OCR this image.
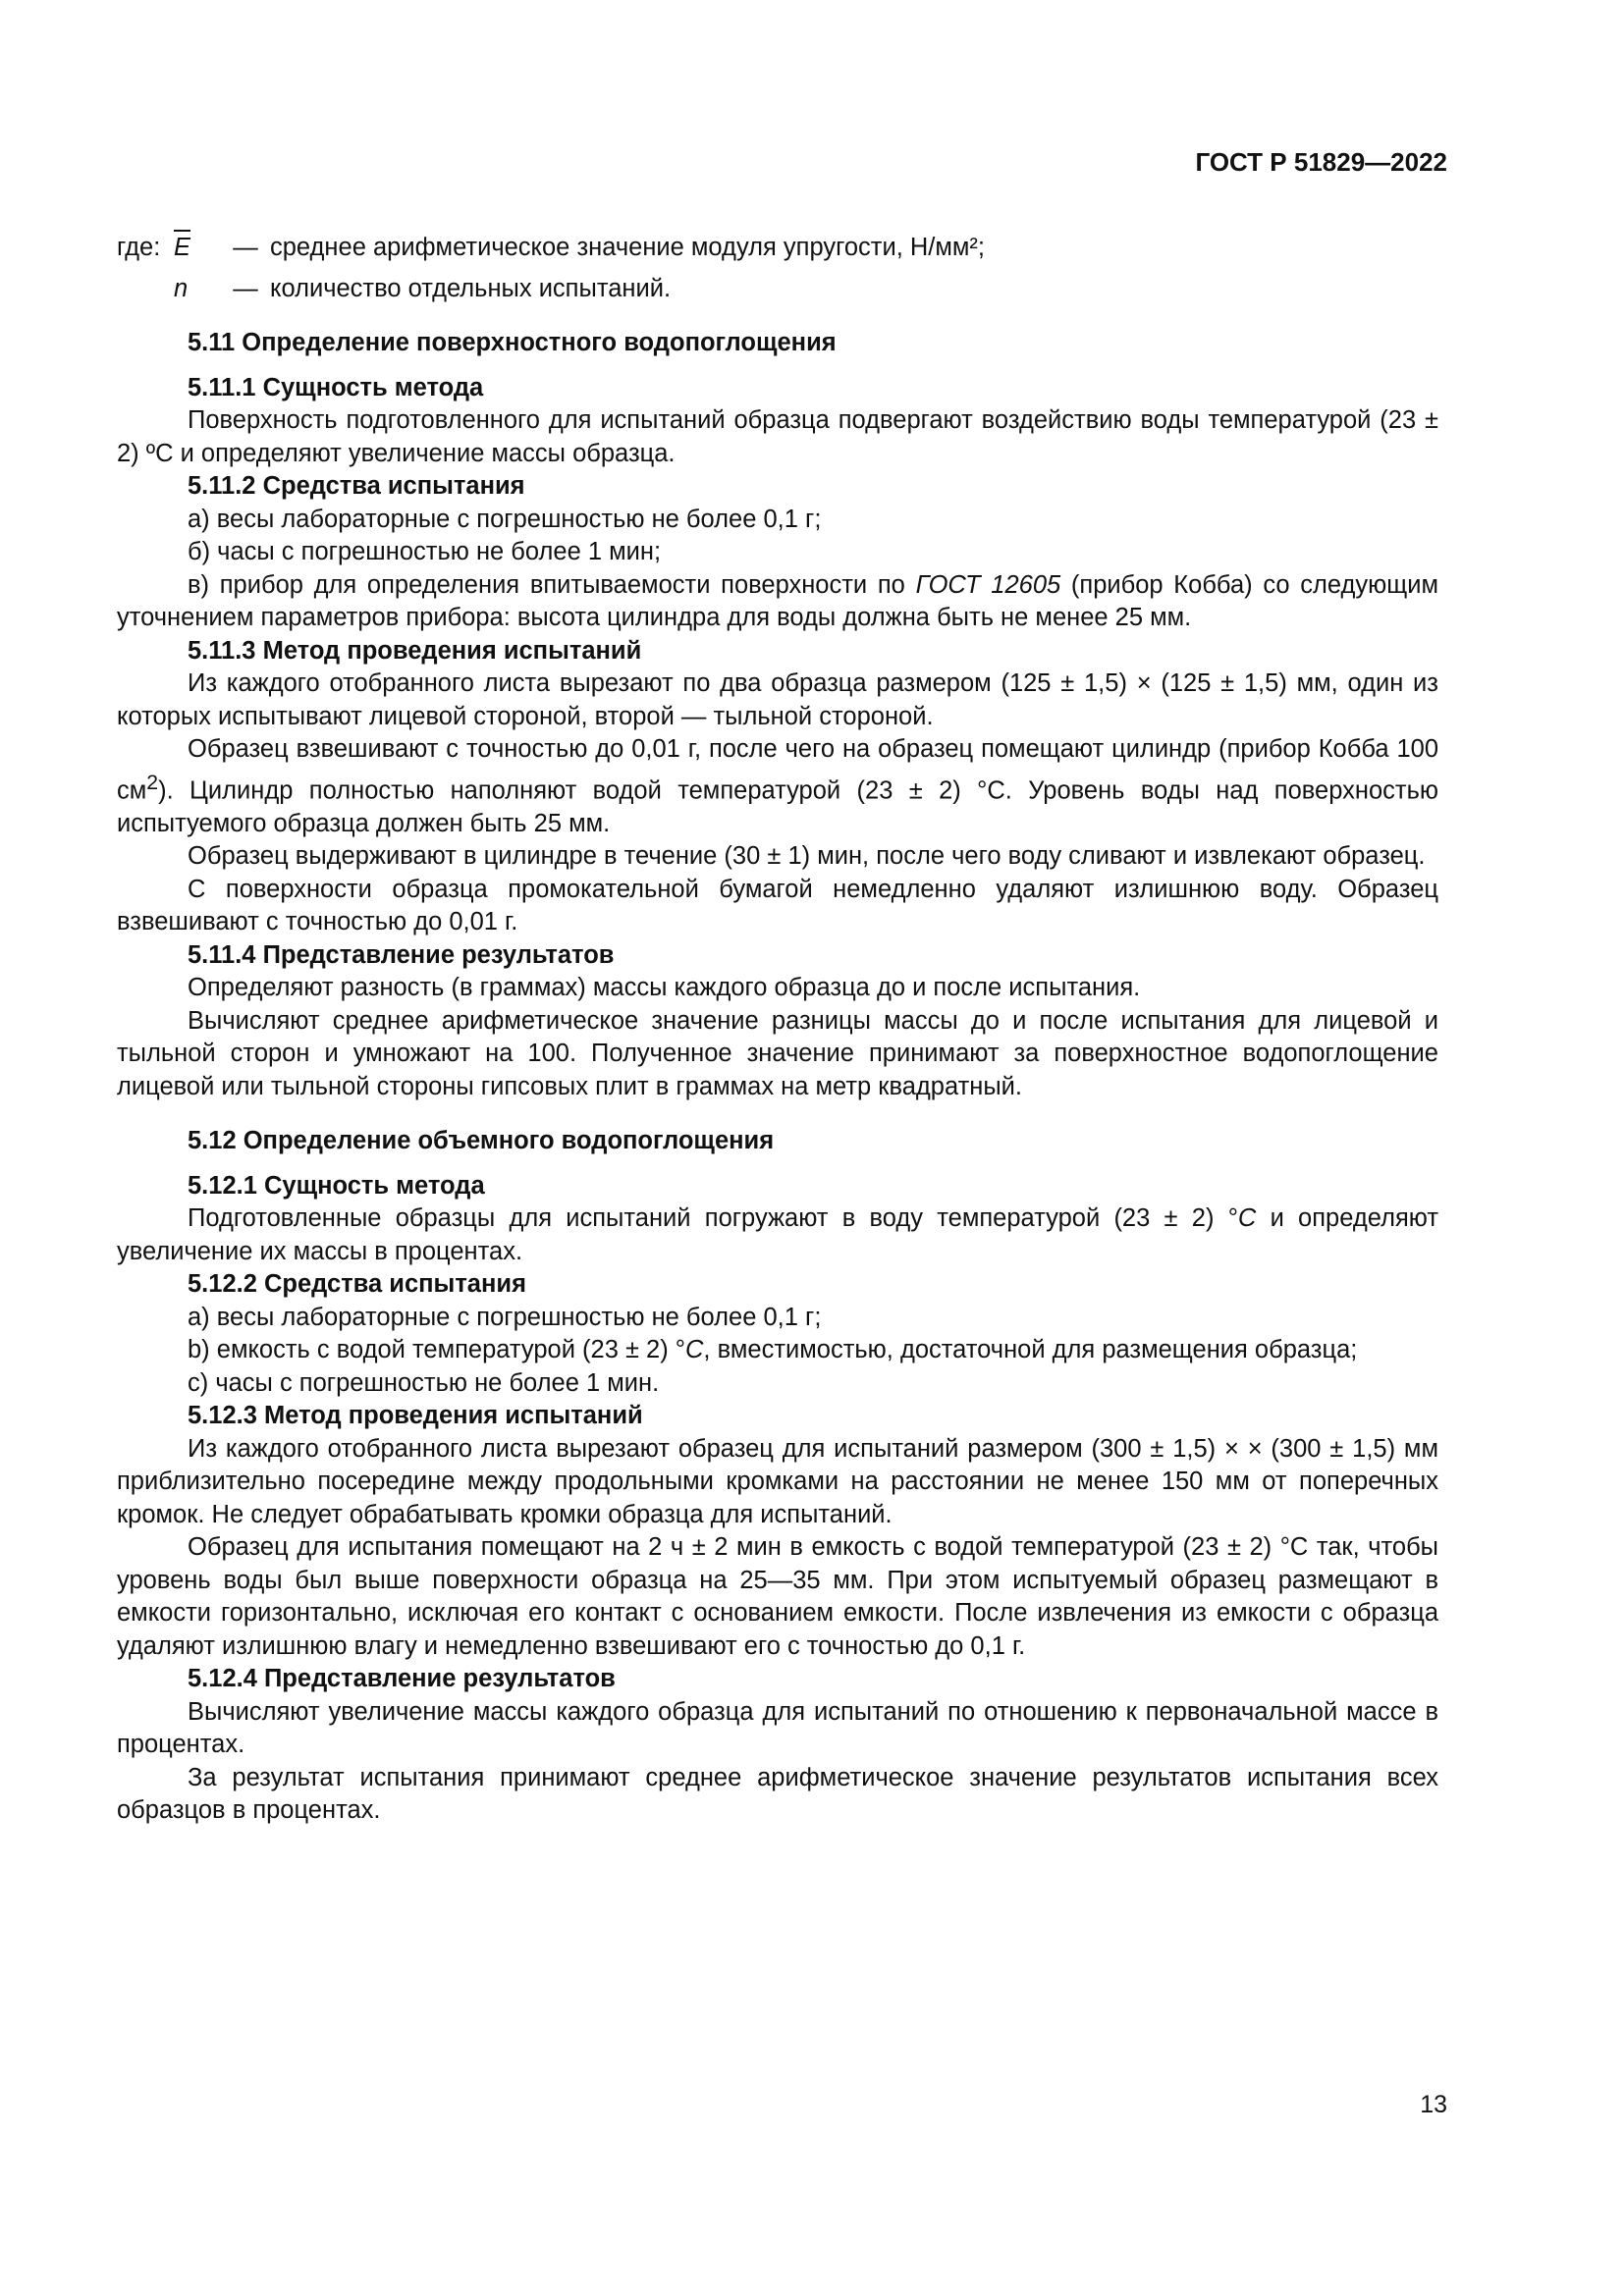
ГОСТ Р 51829—2022
где: E	— среднее арифметическое значение модуля упругости, Н/мм²;
n	— количество отдельных испытаний.

5.11 Определение поверхностного водопоглощения

5.11.1 Сущность метода

Поверхность подготовленного для испытаний образца подвергают воздействию воды температурой (23 ± 2) ºС и определяют увеличение массы образца.

5.11.2 Средства испытания

а) весы лабораторные с погрешностью не более 0,1 г;

б) часы с погрешностью не более 1 мин;

в) прибор для определения впитываемости поверхности по ГОСТ 12605 (прибор Кобба) со следующим уточнением параметров прибора: высота цилиндра для воды должна быть не менее 25 мм.

5.11.3 Метод проведения испытаний

Из каждого отобранного листа вырезают по два образца размером (125 ± 1,5) × (125 ± 1,5) мм, один из которых испытывают лицевой стороной, второй — тыльной стороной.

Образец взвешивают с точностью до 0,01 г, после чего на образец помещают цилиндр (прибор Кобба 100 $см^2$). Цилиндр полностью наполняют водой температурой (23 ± 2) °С. Уровень воды над поверхностью испытуемого образца должен быть 25 мм.

Образец выдерживают в цилиндре в течение (30 ± 1) мин, после чего воду сливают и извлекают образец.

С поверхности образца промокательной бумагой немедленно удаляют излишнюю воду. Образец взвешивают с точностью до 0,01 г.

5.11.4 Представление результатов

Определяют разность (в граммах) массы каждого образца до и после испытания.

Вычисляют среднее арифметическое значение разницы массы до и после испытания для лицевой и тыльной сторон и умножают на 100. Полученное значение принимают за поверхностное водопоглощение лицевой или тыльной стороны гипсовых плит в граммах на метр квадратный.

5.12 Определение объемного водопоглощения

5.12.1 Сущность метода

Подготовленные образцы для испытаний погружают в воду температурой (23 ± 2) °С и определяют увеличение их массы в процентах.

5.12.2 Средства испытания

а) весы лабораторные с погрешностью не более 0,1 г;

b) емкость с водой температурой (23 ± 2) °С, вместимостью, достаточной для размещения образца;

c) часы с погрешностью не более 1 мин.

5.12.3 Метод проведения испытаний

Из каждого отобранного листа вырезают образец для испытаний размером (300 ± 1,5) × × (300 ± 1,5) мм приблизительно посередине между продольными кромками на расстоянии не менее 150 мм от поперечных кромок. Не следует обрабатывать кромки образца для испытаний.

Образец для испытания помещают на 2 ч ± 2 мин в емкость с водой температурой (23 ± 2) °С так, чтобы уровень воды был выше поверхности образца на 25—35 мм. При этом испытуемый образец размещают в емкости горизонтально, исключая его контакт с основанием емкости. После извлечения из емкости с образца удаляют излишнюю влагу и немедленно взвешивают его с точностью до 0,1 г.

5.12.4 Представление результатов

Вычисляют увеличение массы каждого образца для испытаний по отношению к первоначальной массе в процентах.

За результат испытания принимают среднее арифметическое значение результатов испытания всех образцов в процентах.

13
